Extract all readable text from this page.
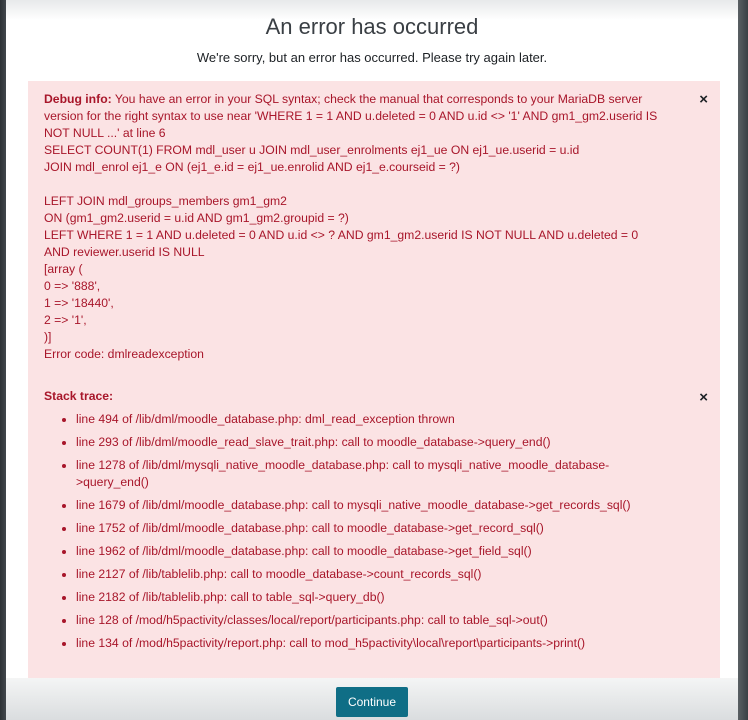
An error has occurred
We're sorry, but an error has occurred. Please try again later.
×
Debug info: You have an error in your SQL syntax; check the manual that corresponds to your MariaDB server version for the right syntax to use near 'WHERE 1 = 1 AND u.deleted = 0 AND u.id <> '1' AND gm1_gm2.userid IS NOT NULL ...' at line 6
SELECT COUNT(1) FROM mdl_user u JOIN mdl_user_enrolments ej1_ue ON ej1_ue.userid = u.id
JOIN mdl_enrol ej1_e ON (ej1_e.id = ej1_ue.enrolid AND ej1_e.courseid = ?)

LEFT JOIN mdl_groups_members gm1_gm2
ON (gm1_gm2.userid = u.id AND gm1_gm2.groupid = ?)
LEFT WHERE 1 = 1 AND u.deleted = 0 AND u.id <> ? AND gm1_gm2.userid IS NOT NULL AND u.deleted = 0
AND reviewer.userid IS NULL
[array (
0 => '888',
1 => '18440',
2 => '1',
)]
Error code: dmlreadexception
×
Stack trace:
• line 494 of /lib/dml/moodle_database.php: dml_read_exception thrown
• line 293 of /lib/dml/moodle_read_slave_trait.php: call to moodle_database->query_end()
• line 1278 of /lib/dml/mysqli_native_moodle_database.php: call to mysqli_native_moodle_database->query_end()
• line 1679 of /lib/dml/moodle_database.php: call to mysqli_native_moodle_database->get_records_sql()
• line 1752 of /lib/dml/moodle_database.php: call to moodle_database->get_record_sql()
• line 1962 of /lib/dml/moodle_database.php: call to moodle_database->get_field_sql()
• line 2127 of /lib/tablelib.php: call to moodle_database->count_records_sql()
• line 2182 of /lib/tablelib.php: call to table_sql->query_db()
• line 128 of /mod/h5pactivity/classes/local/report/participants.php: call to table_sql->out()
• line 134 of /mod/h5pactivity/report.php: call to mod_h5pactivity\local\report\participants->print()
Continue
